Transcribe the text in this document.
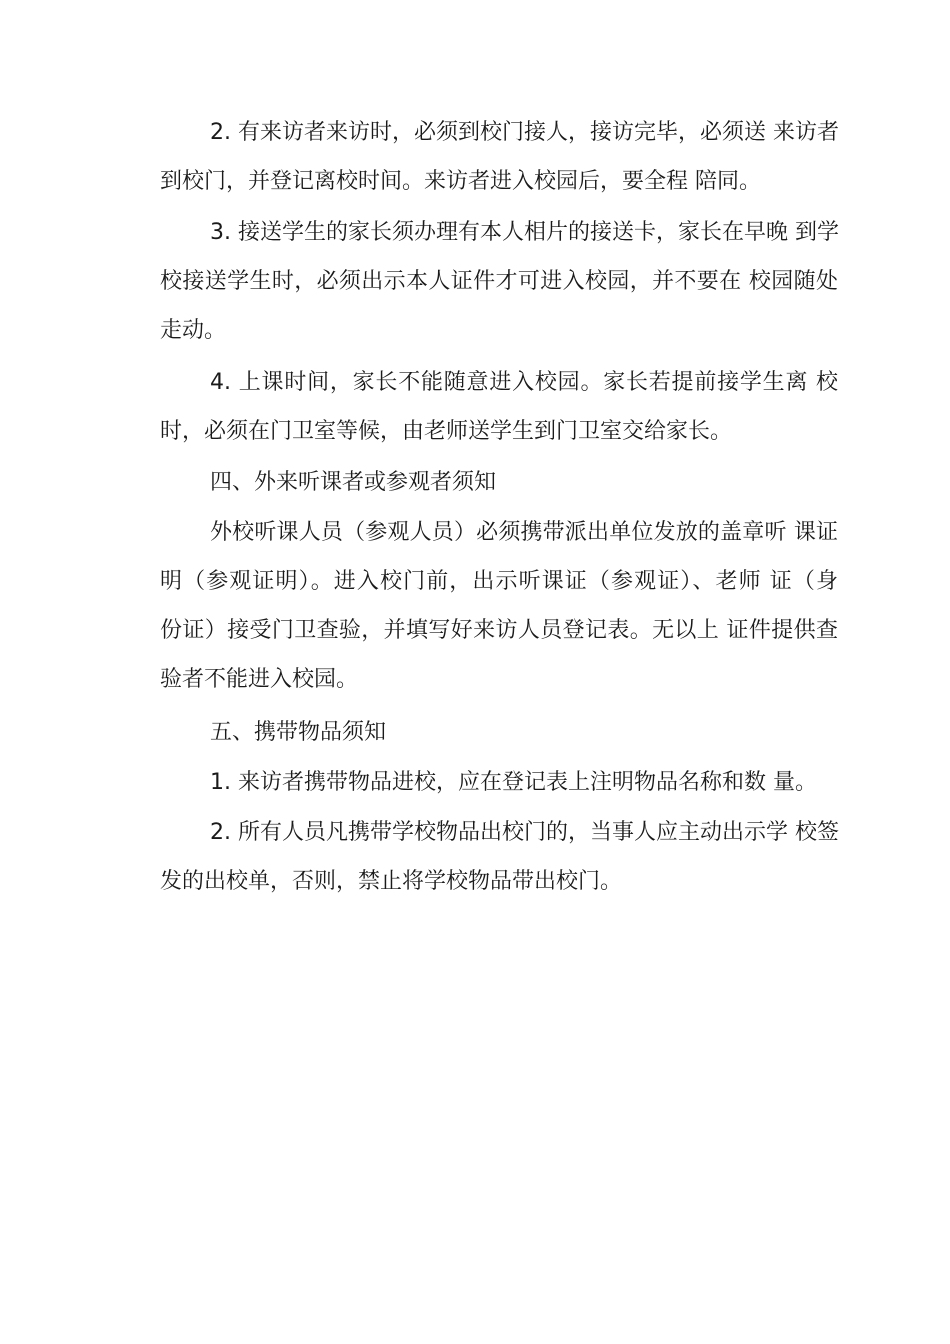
2. 有来访者来访时，必须到校门接人，接访完毕，必须送 来访者
到校门，并登记离校时间。来访者进入校园后，要全程 陪同。
3. 接送学生的家长须办理有本人相片的接送卡，家长在早晚 到学
校接送学生时，必须出示本人证件才可进入校园，并不要在 校园随处
走动。
4. 上课时间，家长不能随意进入校园。家长若提前接学生离 校
时，必须在门卫室等候，由老师送学生到门卫室交给家长。
四、外来听课者或参观者须知
外校听课人员（参观人员）必须携带派出单位发放的盖章听 课证
明（参观证明）。进入校门前，出示听课证（参观证）、老师 证（身
份证）接受门卫查验，并填写好来访人员登记表。无以上 证件提供查
验者不能进入校园。
五、携带物品须知
1. 来访者携带物品进校，应在登记表上注明物品名称和数 量。
2. 所有人员凡携带学校物品出校门的，当事人应主动出示学 校签
发的出校单，否则，禁止将学校物品带出校门。
